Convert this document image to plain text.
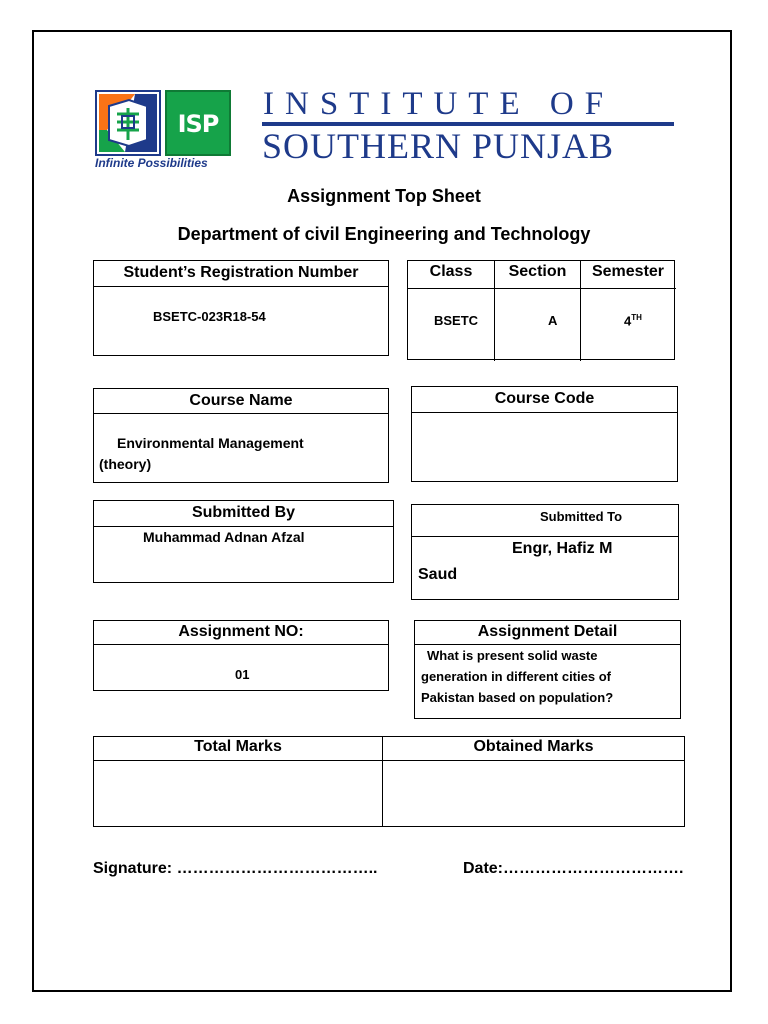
ISP
Infinite Possibilities
INSTITUTE OF
SOUTHERN PUNJAB
Assignment Top Sheet
Department of civil Engineering and Technology
Student’s Registration Number
BSETC-023R18-54
Class	Section	Semester
BSETC	A	4TH
Course Name
Environmental Management
(theory)
Course Code
Submitted By
Muhammad Adnan Afzal
Submitted To
Engr, Hafiz M
Saud
Assignment NO:
01
Assignment Detail
What is present solid waste
generation in different cities of
Pakistan based on population?
Total Marks	Obtained Marks
Signature: ………………………………..	Date:…………………………….
